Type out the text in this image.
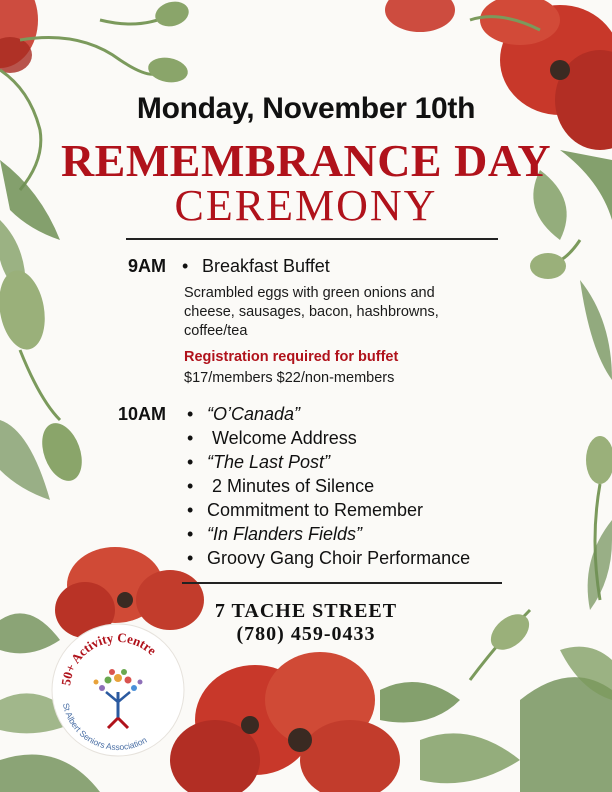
Monday, November 10th
REMEMBRANCE DAY
CEREMONY
9AM • Breakfast Buffet
Scrambled eggs with green onions and cheese, sausages, bacon, hashbrowns, coffee/tea
Registration required for buffet
$17/members $22/non-members
10AM • “O’Canada”
• Welcome Address
• “The Last Post”
• 2 Minutes of Silence
• Commitment to Remember
• “In Flanders Fields”
• Groovy Gang Choir Performance
7 TACHE STREET
(780) 459-0433
50+ Activity Centre
St Albert Seniors Association
